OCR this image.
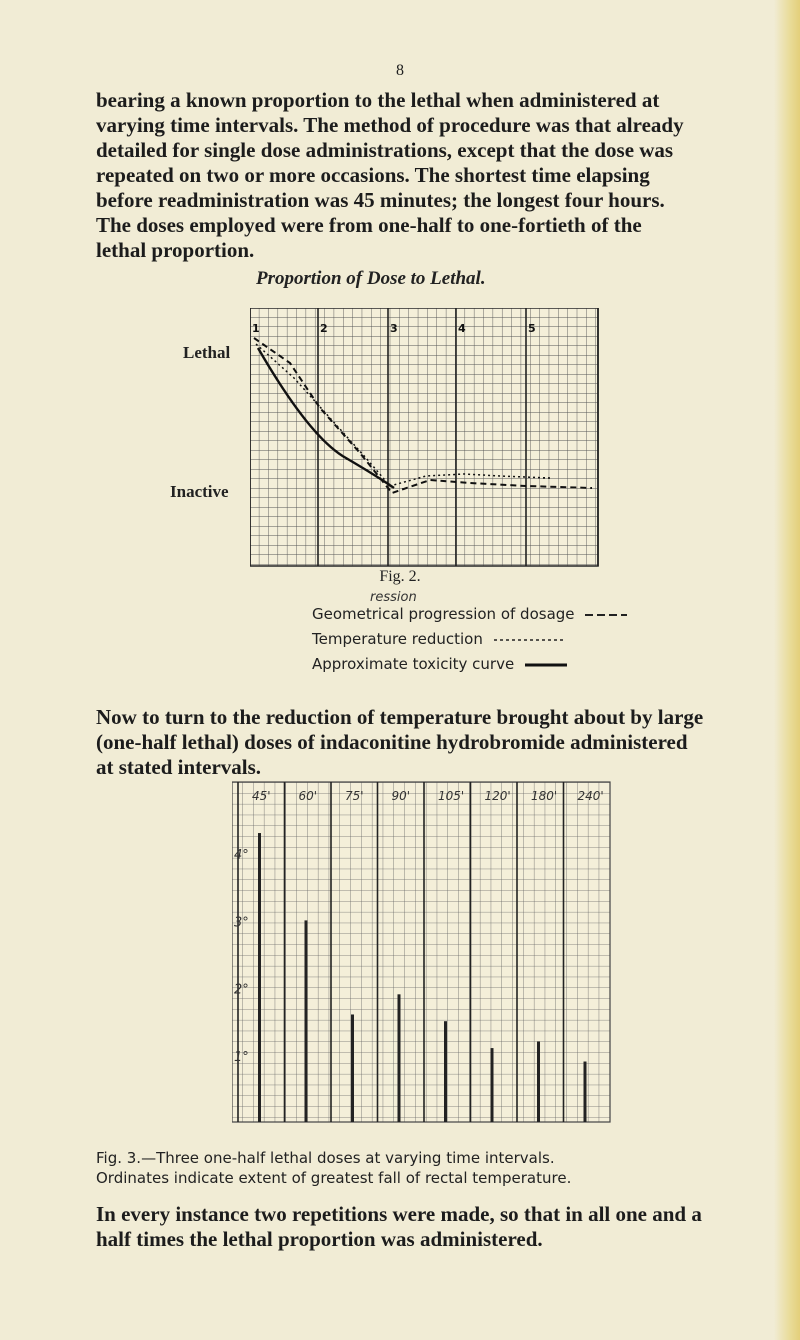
8
bearing a known proportion to the lethal when administered at varying time intervals. The method of procedure was that already detailed for single dose administrations, except that the dose was repeated on two or more occasions. The shortest time elapsing before readministration was 45 minutes; the longest four hours. The doses employed were from one-half to one-fortieth of the lethal proportion.
Proportion of Dose to Lethal.
Lethal
Inactive
1	2	3	4	5
Fig. 2.
ression
Geometrical progression of dosage
Temperature reduction
Approximate toxicity curve
Now to turn to the reduction of temperature brought about by large (one-half lethal) doses of indaconitine hydrobromide administered at stated intervals.
45' 60' 75' 90' 105' 120' 180' 240'
4°
3°
2°
1°
Fig. 3.—Three one-half lethal doses at varying time intervals.
Ordinates indicate extent of greatest fall of rectal temperature.
In every instance two repetitions were made, so that in all one and a half times the lethal proportion was administered.
